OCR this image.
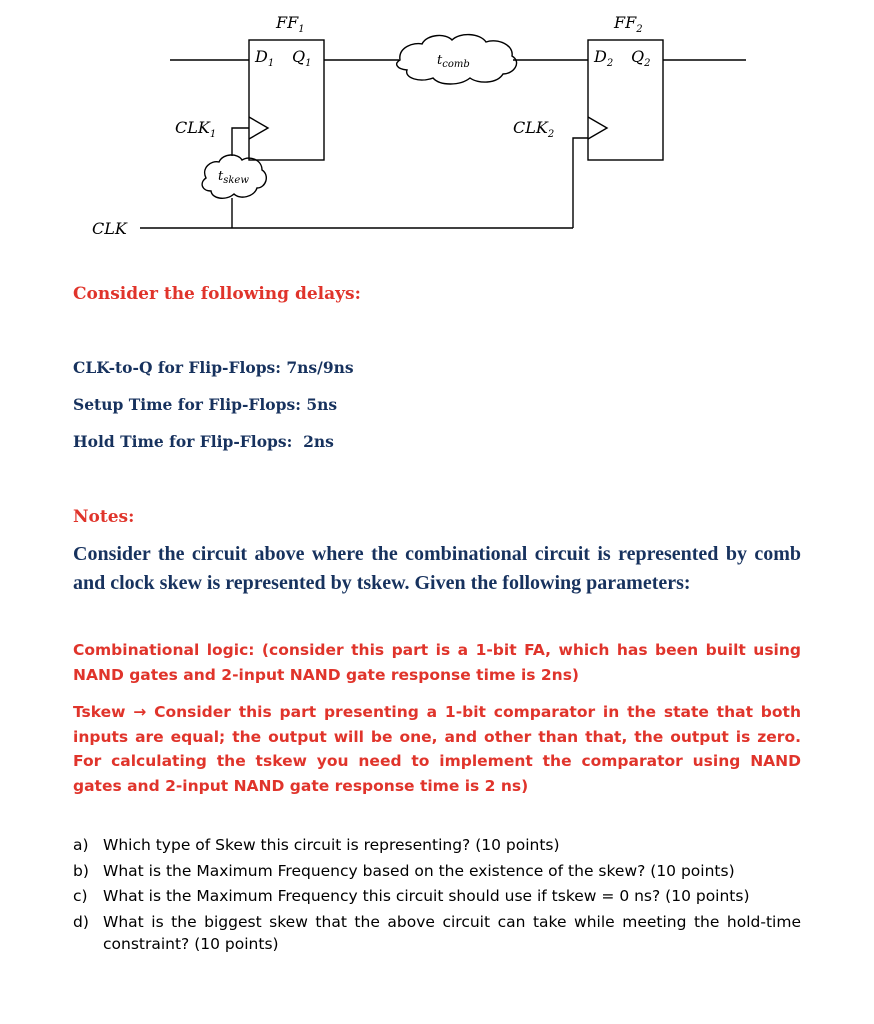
$FF_1$	$FF_2$
$D_1$ $Q_1$	$D_2$ $Q_2$
$CLK_1$	$CLK_2$
CLK
$t_{comb}$
$t_{skew}$
Consider the following delays:
CLK-to-Q for Flip-Flops: 7ns/9ns
Setup Time for Flip-Flops: 5ns
Hold Time for Flip-Flops:  2ns
Notes:
Consider the circuit above where the combinational circuit is represented by comb and clock skew is represented by tskew. Given the following parameters:
Combinational logic: (consider this part is a 1-bit FA, which has been built using NAND gates and 2-input NAND gate response time is 2ns)
Tskew → Consider this part presenting a 1-bit comparator in the state that both inputs are equal; the output will be one, and other than that, the output is zero. For calculating the tskew you need to implement the comparator using NAND gates and 2-input NAND gate response time is 2 ns)
a) Which type of Skew this circuit is representing? (10 points)
b) What is the Maximum Frequency based on the existence of the skew? (10 points)
c) What is the Maximum Frequency this circuit should use if tskew = 0 ns? (10 points)
d) What is the biggest skew that the above circuit can take while meeting the hold-time constraint? (10 points)
